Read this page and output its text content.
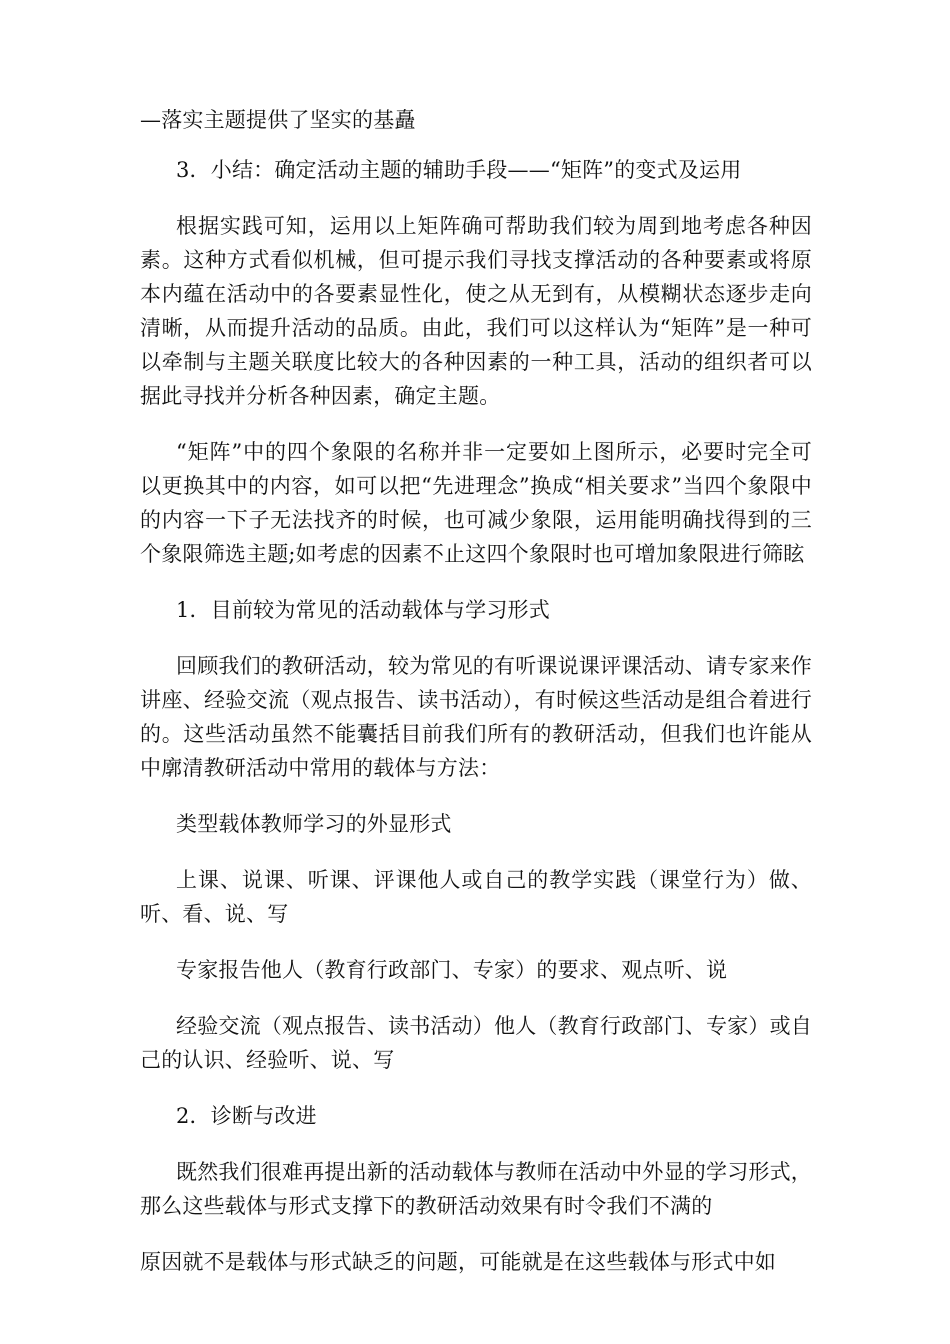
—落实主题提供了坚实的基矗

3．小结：确定活动主题的辅助手段——“矩阵”的变式及运用

根据实践可知，运用以上矩阵确可帮助我们较为周到地考虑各种因素。这种方式看似机械，但可提示我们寻找支撑活动的各种要素或将原本内蕴在活动中的各要素显性化，使之从无到有，从模糊状态逐步走向清晰，从而提升活动的品质。由此，我们可以这样认为“矩阵”是一种可以牵制与主题关联度比较大的各种因素的一种工具，活动的组织者可以据此寻找并分析各种因素，确定主题。

“矩阵”中的四个象限的名称并非一定要如上图所示，必要时完全可以更换其中的内容，如可以把“先进理念”换成“相关要求”当四个象限中的内容一下子无法找齐的时候，也可减少象限，运用能明确找得到的三个象限筛选主题;如考虑的因素不止这四个象限时也可增加象限进行筛眩

1．目前较为常见的活动载体与学习形式

回顾我们的教研活动，较为常见的有听课说课评课活动、请专家来作讲座、经验交流（观点报告、读书活动），有时候这些活动是组合着进行的。这些活动虽然不能囊括目前我们所有的教研活动，但我们也许能从中廓清教研活动中常用的载体与方法：

类型载体教师学习的外显形式

上课、说课、听课、评课他人或自己的教学实践（课堂行为）做、听、看、说、写

专家报告他人（教育行政部门、专家）的要求、观点听、说

经验交流（观点报告、读书活动）他人（教育行政部门、专家）或自己的认识、经验听、说、写

2．诊断与改进

既然我们很难再提出新的活动载体与教师在活动中外显的学习形式，那么这些载体与形式支撑下的教研活动效果有时令我们不满的

原因就不是载体与形式缺乏的问题，可能就是在这些载体与形式中如
